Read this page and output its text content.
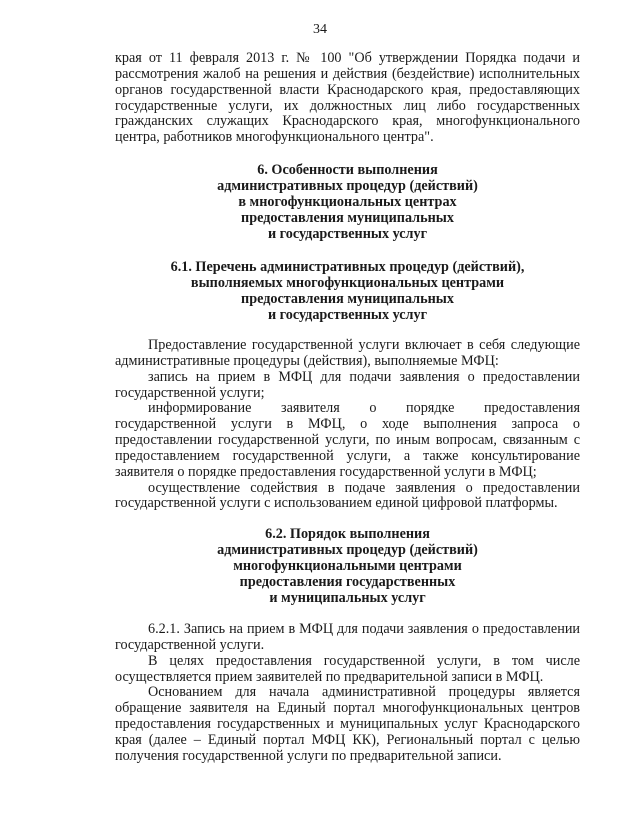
34

края от 11 февраля 2013 г. № 100 "Об утверждении Порядка подачи и рассмотрения жалоб на решения и действия (бездействие) исполнительных органов государственной власти Краснодарского края, предоставляющих государственные услуги, их должностных лиц либо государственных гражданских служащих Краснодарского края, многофункционального центра, работников многофункционального центра".

6. Особенности выполнения
административных процедур (действий)
в многофункциональных центрах
предоставления муниципальных
и государственных услуг

6.1. Перечень административных процедур (действий),
выполняемых многофункциональных центрами
предоставления муниципальных
и государственных услуг

Предоставление государственной услуги включает в себя следующие административные процедуры (действия), выполняемые МФЦ:

запись на прием в МФЦ для подачи заявления о предоставлении государственной услуги;

информирование заявителя о порядке предоставления государственной услуги в МФЦ, о ходе выполнения запроса о предоставлении государственной услуги, по иным вопросам, связанным с предоставлением государственной услуги, а также консультирование заявителя о порядке предоставления государственной услуги в МФЦ;

осуществление содействия в подаче заявления о предоставлении государственной услуги с использованием единой цифровой платформы.

6.2. Порядок выполнения
административных процедур (действий)
многофункциональными центрами
предоставления государственных
и муниципальных услуг

6.2.1. Запись на прием в МФЦ для подачи заявления о предоставлении государственной услуги.

В целях предоставления государственной услуги, в том числе осуществляется прием заявителей по предварительной записи в МФЦ.

Основанием для начала административной процедуры является обращение заявителя на Единый портал многофункциональных центров предоставления государственных и муниципальных услуг Краснодарского края (далее – Единый портал МФЦ КК), Региональный портал с целью получения государственной услуги по предварительной записи.
